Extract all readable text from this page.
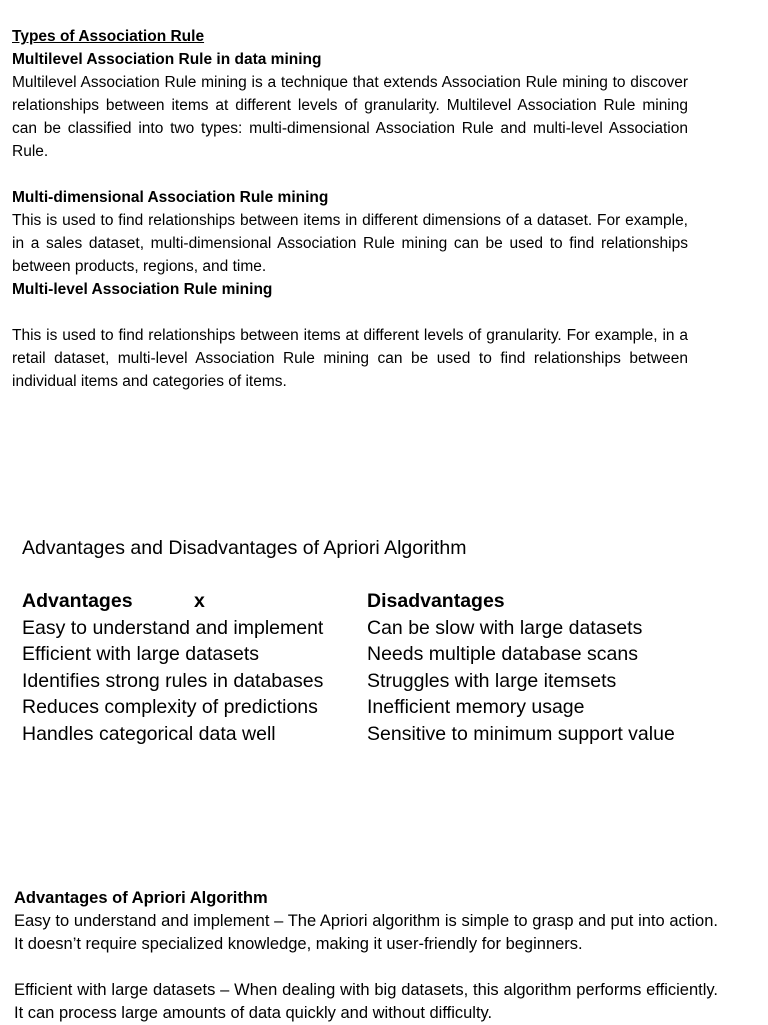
Types of Association Rule
Multilevel Association Rule in data mining

Multilevel Association Rule mining is a technique that extends Association Rule mining to discover relationships between items at different levels of granularity. Multilevel Association Rule mining can be classified into two types: multi-dimensional Association Rule and multi-level Association Rule.

Multi-dimensional Association Rule mining

This is used to find relationships between items in different dimensions of a dataset. For example, in a sales dataset, multi-dimensional Association Rule mining can be used to find relationships between products, regions, and time.

Multi-level Association Rule mining

This is used to find relationships between items at different levels of granularity. For example, in a retail dataset, multi-level Association Rule mining can be used to find relationships between individual items and categories of items.

Advantages and Disadvantages of Apriori Algorithm
Advantages
Easy to understand and implement
Efficient with large datasets
Identifies strong rules in databases
Reduces complexity of predictions
Handles categorical data well
x	Disadvantages
Can be slow with large datasets
Needs multiple database scans
Struggles with large itemsets
Inefficient memory usage
Sensitive to minimum support value
Advantages of Apriori Algorithm

Easy to understand and implement – The Apriori algorithm is simple to grasp and put into action. It doesn’t require specialized knowledge, making it user-friendly for beginners.

Efficient with large datasets – When dealing with big datasets, this algorithm performs efficiently. It can process large amounts of data quickly and without difficulty.
